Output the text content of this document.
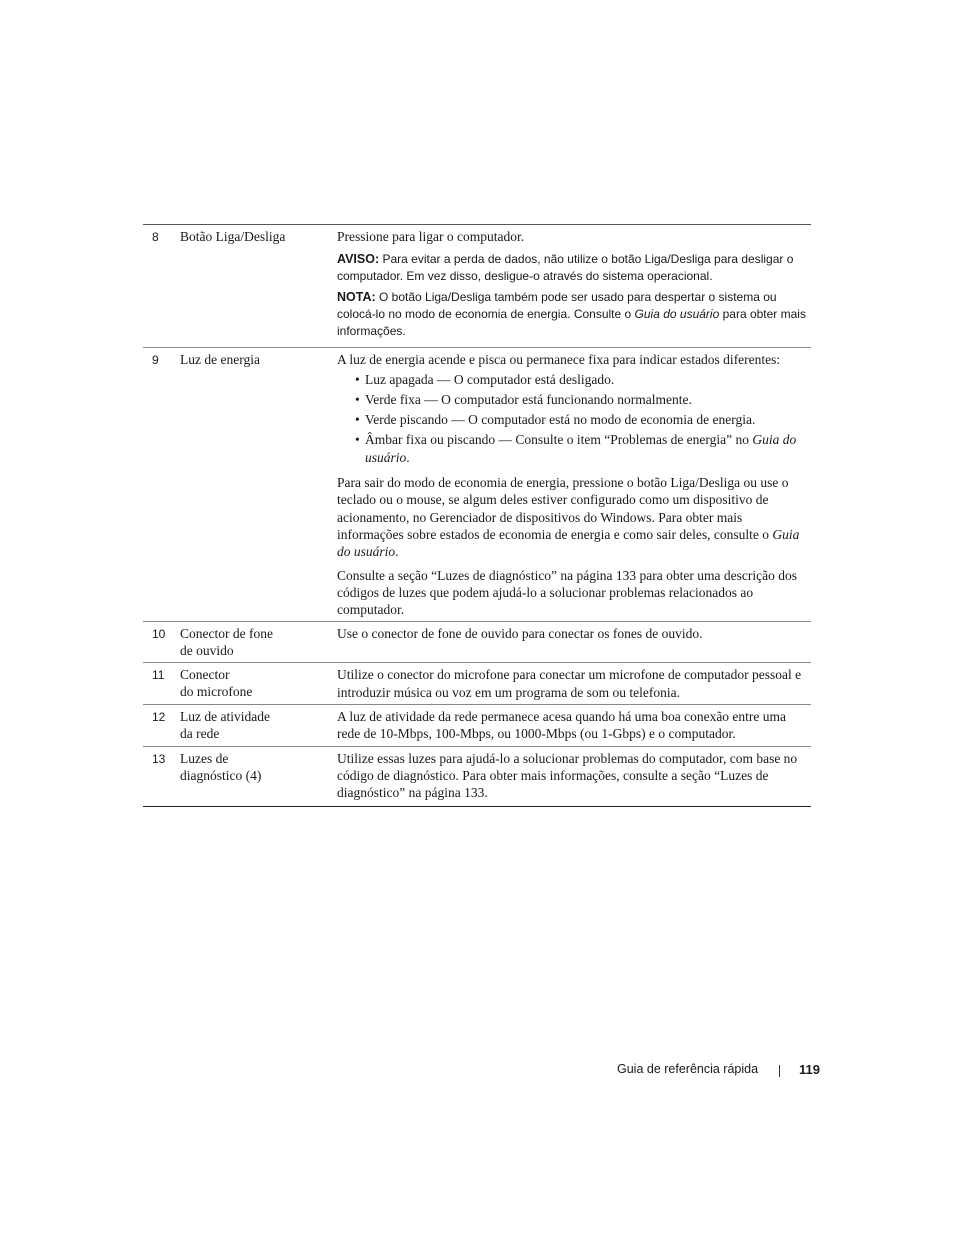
8	Botão Liga/Desliga	Pressione para ligar o computador.

AVISO: Para evitar a perda de dados, não utilize o botão Liga/Desliga para desligar o computador. Em vez disso, desligue-o através do sistema operacional.
NOTA: O botão Liga/Desliga também pode ser usado para despertar o sistema ou colocá-lo no modo de economia de energia. Consulte o Guia do usuário para obter mais informações.
9	Luz de energia	A luz de energia acende e pisca ou permanece fixa para indicar estados diferentes:

• Luz apagada — O computador está desligado.
• Verde fixa — O computador está funcionando normalmente.
• Verde piscando — O computador está no modo de economia de energia.
• Âmbar fixa ou piscando — Consulte o item “Problemas de energia” no Guia do usuário.

Para sair do modo de economia de energia, pressione o botão Liga/Desliga ou use o teclado ou o mouse, se algum deles estiver configurado como um dispositivo de acionamento, no Gerenciador de dispositivos do Windows. Para obter mais informações sobre estados de economia de energia e como sair deles, consulte o Guia do usuário.

Consulte a seção “Luzes de diagnóstico” na página 133 para obter uma descrição dos códigos de luzes que podem ajudá-lo a solucionar problemas relacionados ao computador.

10	Conector de fone
de ouvido
Use o conector de fone de ouvido para conectar os fones de ouvido.
11	Conector
do microfone
Utilize o conector do microfone para conectar um microfone de computador pessoal e introduzir música ou voz em um programa de som ou telefonia.
12	Luz de atividade
da rede
A luz de atividade da rede permanece acesa quando há uma boa conexão entre uma rede de 10-Mbps, 100-Mbps, ou 1000-Mbps (ou 1-Gbps) e o computador.
13	Luzes de
diagnóstico (4)
Utilize essas luzes para ajudá-lo a solucionar problemas do computador, com base no código de diagnóstico. Para obter mais informações, consulte a seção “Luzes de diagnóstico” na página 133.
Guia de referência rápida	119
